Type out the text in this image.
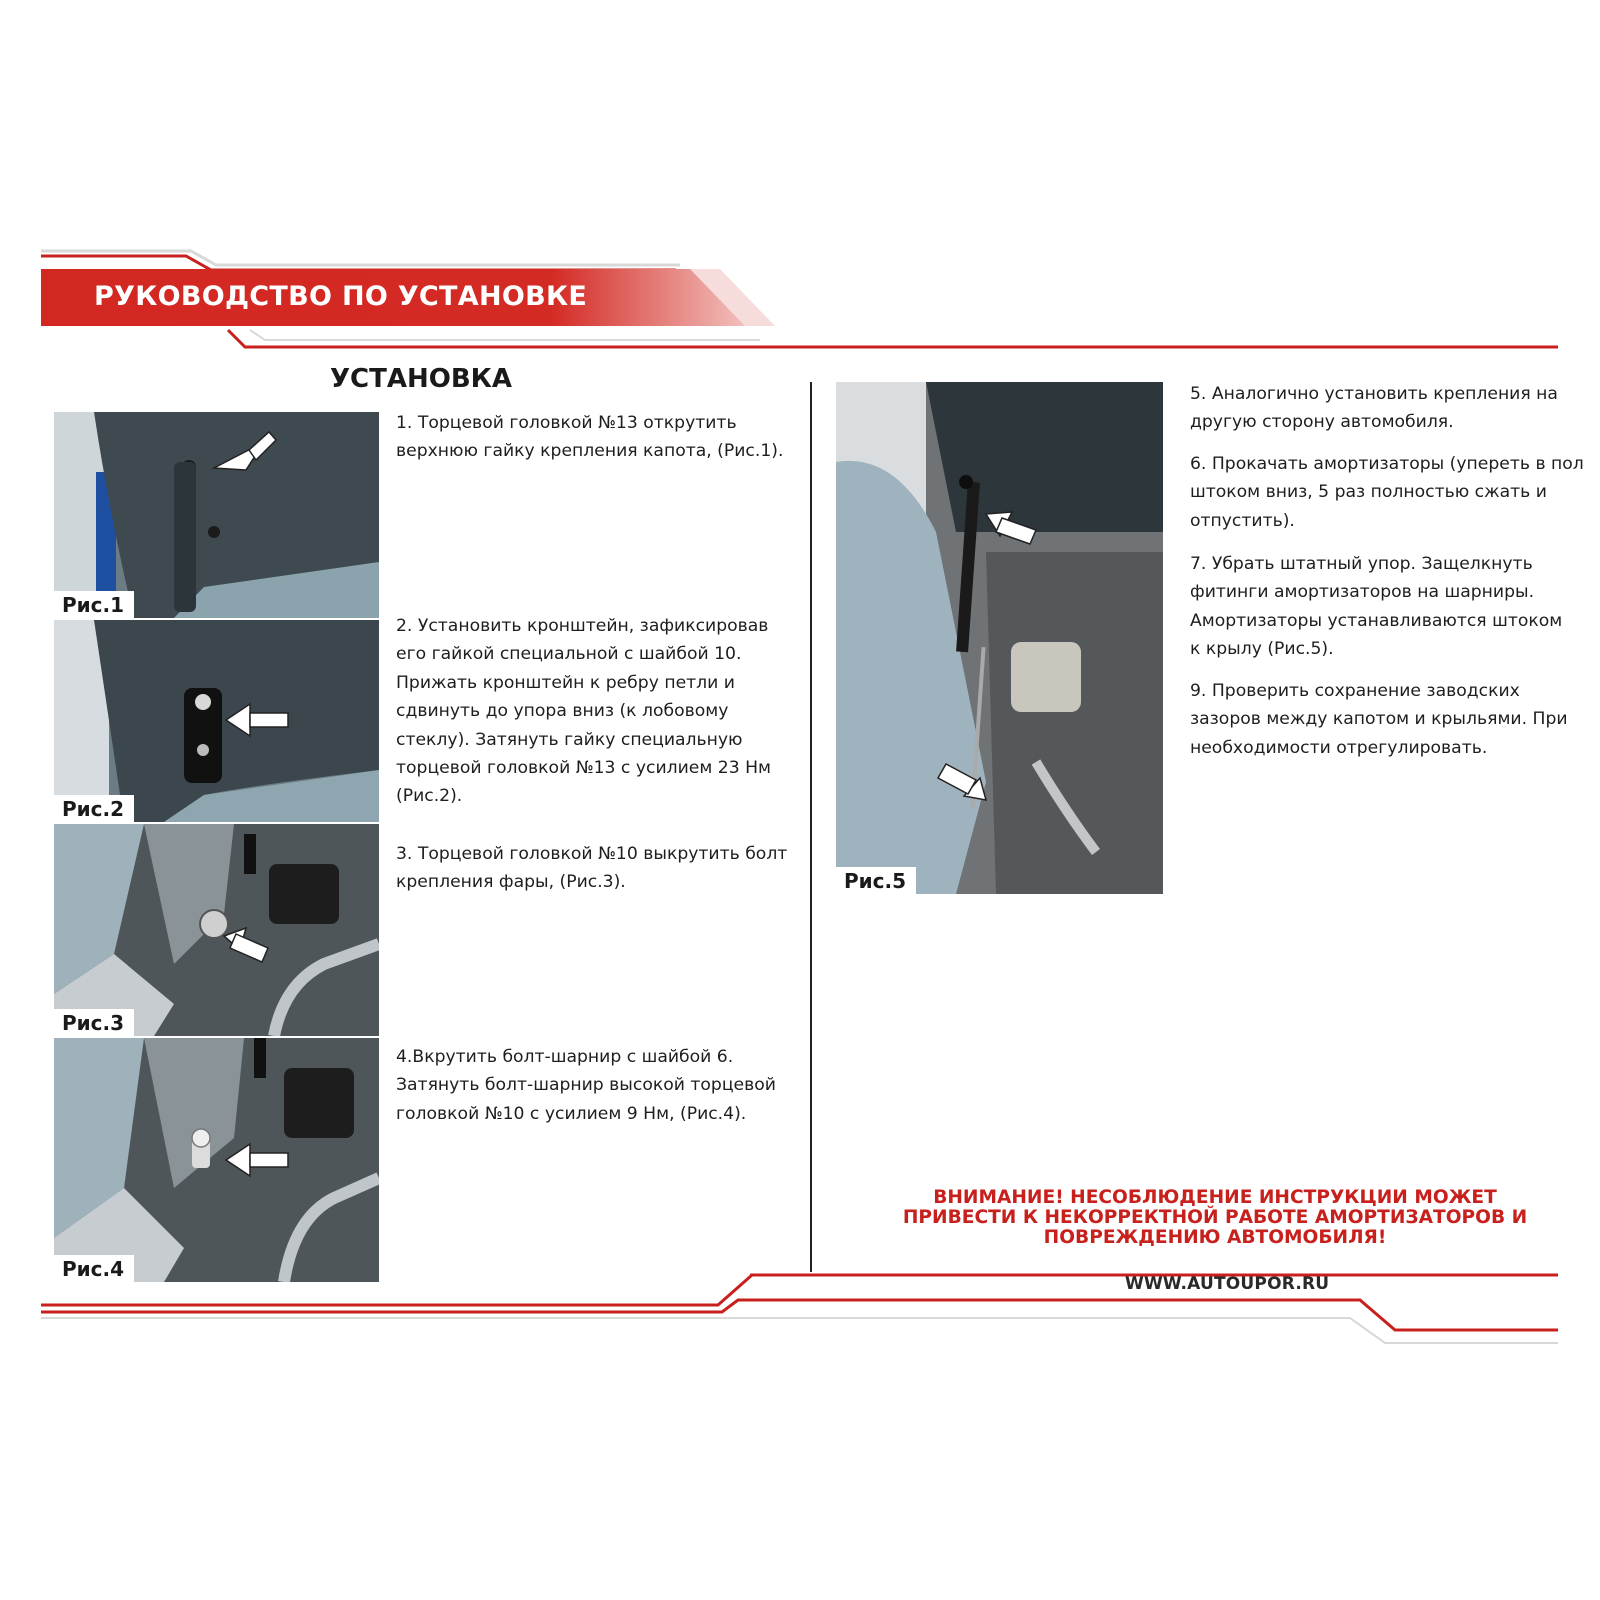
РУКОВОДСТВО ПО УСТАНОВКЕ
УСТАНОВКА
Рис.1
Рис.2
Рис.3
Рис.4
Рис.5
1. Торцевой головкой №13 открутить верхнюю гайку крепления капота, (Рис.1).
2. Установить кронштейн, зафиксировав его гайкой специальной с шайбой 10. Прижать кронштейн к ребру петли и сдвинуть до упора вниз (к лобовому стеклу). Затянуть гайку специальную торцевой головкой №13 с усилием 23 Нм (Рис.2).
3. Торцевой головкой №10 выкрутить болт крепления фары, (Рис.3).
4.Вкрутить болт-шарнир с шайбой 6. Затянуть болт-шарнир высокой торцевой головкой №10 с усилием 9 Нм, (Рис.4).
5. Аналогично установить крепления на другую сторону автомобиля.
6. Прокачать амортизаторы (упереть в пол штоком вниз, 5 раз полностью сжать и отпустить).
7. Убрать штатный упор. Защелкнуть фитинги амортизаторов на шарниры. Амортизаторы устанавливаются штоком к крылу (Рис.5).
9. Проверить сохранение заводских зазоров между капотом и крыльями. При необходимости отрегулировать.
ВНИМАНИЕ! НЕСОБЛЮДЕНИЕ ИНСТРУКЦИИ МОЖЕТ ПРИВЕСТИ К НЕКОРРЕКТНОЙ РАБОТЕ АМОРТИЗАТОРОВ И ПОВРЕЖДЕНИЮ АВТОМОБИЛЯ!
WWW.AUTOUPOR.RU
